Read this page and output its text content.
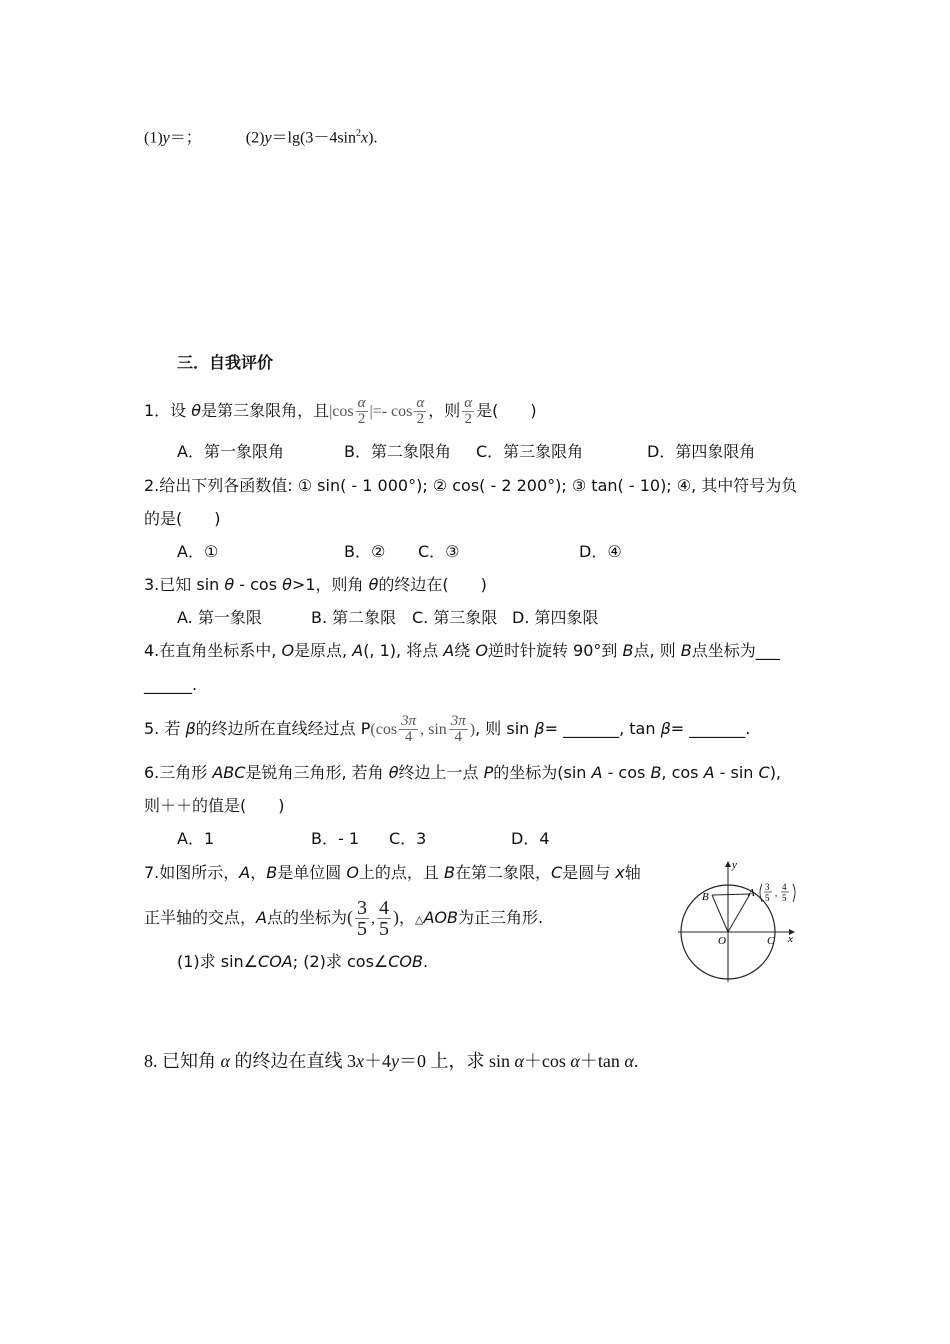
(1)y＝；	$(2)y=\lg(3-4\sin^2x)$.
三．自我评价
1．设 θ是第三象限角，且$|\cos \frac{\alpha}{2}$ |=- $\cos \frac{\alpha}{2}$ ，则 $\frac{\alpha}{2}$ 是(　　)
A．第一象限角	B．第二象限角 C．第三象限角	D．第四象限角
2.给出下列各函数值: ① sin( - 1 000°); ② cos( - 2 200°); ③ tan( - 10); ④, 其中符号为负
的是(　　)
A．①	B．② C．③	D．④
3.已知 sin θ - cos θ>1，则角 θ的终边在(　　)
A. 第一象限	B. 第二象限 C. 第三象限 D. 第四象限
4.在直角坐标系中, O是原点, A(, 1), 将点 A绕 O逆时针旋转 90°到 B点, 则 B点坐标为___
______.
5. 若 β的终边所在直线经过点 $P(\cos \frac{3\pi}{4}$ , $\sin \frac{3\pi}{4}$ ), 则 sin β= _______, tan β= _______.
6.三角形 ABC是锐角三角形, 若角 θ终边上一点 P的坐标为(sin A - cos B, cos A - sin C),
则＋＋的值是(　　)
A．1	B．- 1 C．3	D．4
7.如图所示，A，B是单位圆 O上的点，且 B在第二象限，C是圆与 x轴
正半轴的交点，A点的坐标为( $\frac{3}{5}$ , $\frac{4}{5}$ )，△AOB为正三角形.
(1)求 sin∠COA; (2)求 cos∠COB.
y
x
O	C
B	A 3
5 ,
4
5
8. 已知角 α 的终边在直线 3x＋4y＝0 上，求 sin α＋cos α＋tan α.
